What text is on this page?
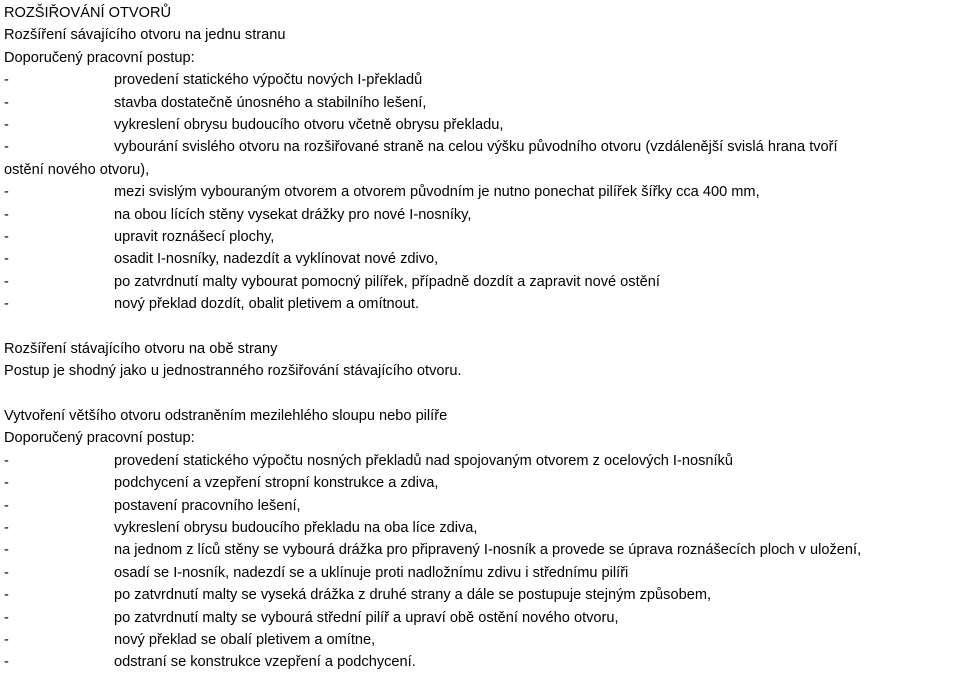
ROZŠIŘOVÁNÍ OTVORŮ
Rozšíření sávajícího otvoru na jednu stranu
Doporučený pracovní postup:
-	provedení statického výpočtu nových I-překladů
-	stavba dostatečně únosného a stabilního lešení,
-	vykreslení obrysu budoucího otvoru včetně obrysu překladu,
-	vybourání svislého otvoru na rozšiřované straně na celou výšku původního otvoru (vzdálenější svislá hrana tvoří
ostění nového otvoru),
-	mezi svislým vybouraným otvorem a otvorem původním je nutno ponechat pilířek šířky cca 400 mm,
-	na obou lících stěny vysekat drážky pro nové I-nosníky,
-	upravit roznášecí plochy,
-	osadit I-nosníky, nadezdít a vyklínovat nové zdivo,
-	po zatvrdnutí malty vybourat pomocný pilířek, případně dozdít a zapravit nové ostění
-	nový překlad dozdít, obalit pletivem a omítnout.
Rozšíření stávajícího otvoru na obě strany
Postup je shodný jako u jednostranného rozšiřování stávajícího otvoru.
Vytvoření většího otvoru odstraněním mezilehlého sloupu nebo pilíře
Doporučený pracovní postup:
-	provedení statického výpočtu nosných překladů nad spojovaným otvorem z ocelových I-nosníků
-	podchycení a vzepření stropní konstrukce a zdiva,
-	postavení pracovního lešení,
-	vykreslení obrysu budoucího překladu na oba líce zdiva,
-	na jednom z líců stěny se vybourá drážka pro připravený I-nosník a provede se úprava roznášecích ploch v uložení,
-	osadí se I-nosník, nadezdí se a uklínuje proti nadložnímu zdivu i střednímu pilíři
-	po zatvrdnutí malty se vyseká drážka z druhé strany a dále se postupuje stejným způsobem,
-	po zatvrdnutí malty se vybourá střední pilíř a upraví obě ostění nového otvoru,
-	nový překlad se obalí pletivem a omítne,
-	odstraní se konstrukce vzepření a podchycení.
